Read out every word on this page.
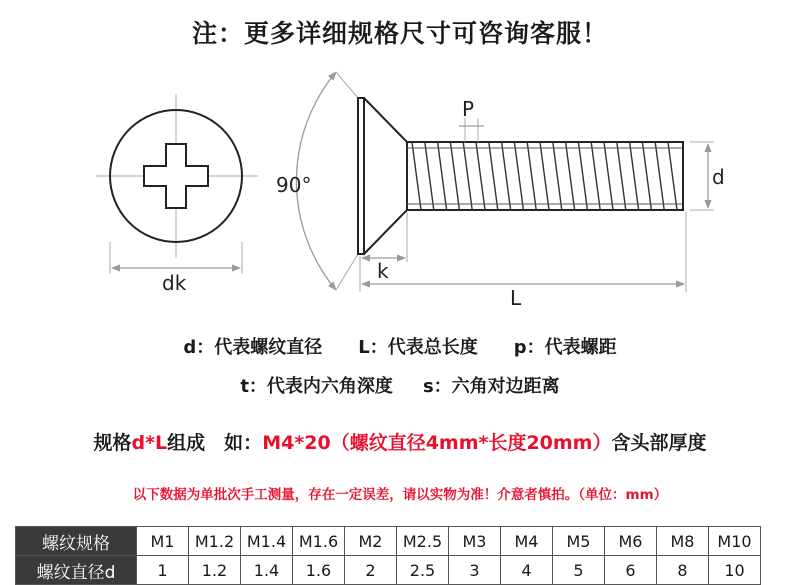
注：更多详细规格尺寸可咨询客服！
90°
P
d
dk	k
L
d：代表螺纹直径 L：代表总长度 p：代表螺距
t：代表内六角深度 s：六角对边距离
规格d*L组成　如：M4*20（螺纹直径4mm*长度20mm）含头部厚度
以下数据为单批次手工测量，存在一定误差，请以实物为准！介意者慎拍。（单位：mm）
螺纹规格	M1	M1.2	M1.4	M1.6	M2	M2.5	M3	M4	M5	M6	M8	M10
螺纹直径d	1	1.2	1.4	1.6	2	2.5	3	4	5	6	8	10
